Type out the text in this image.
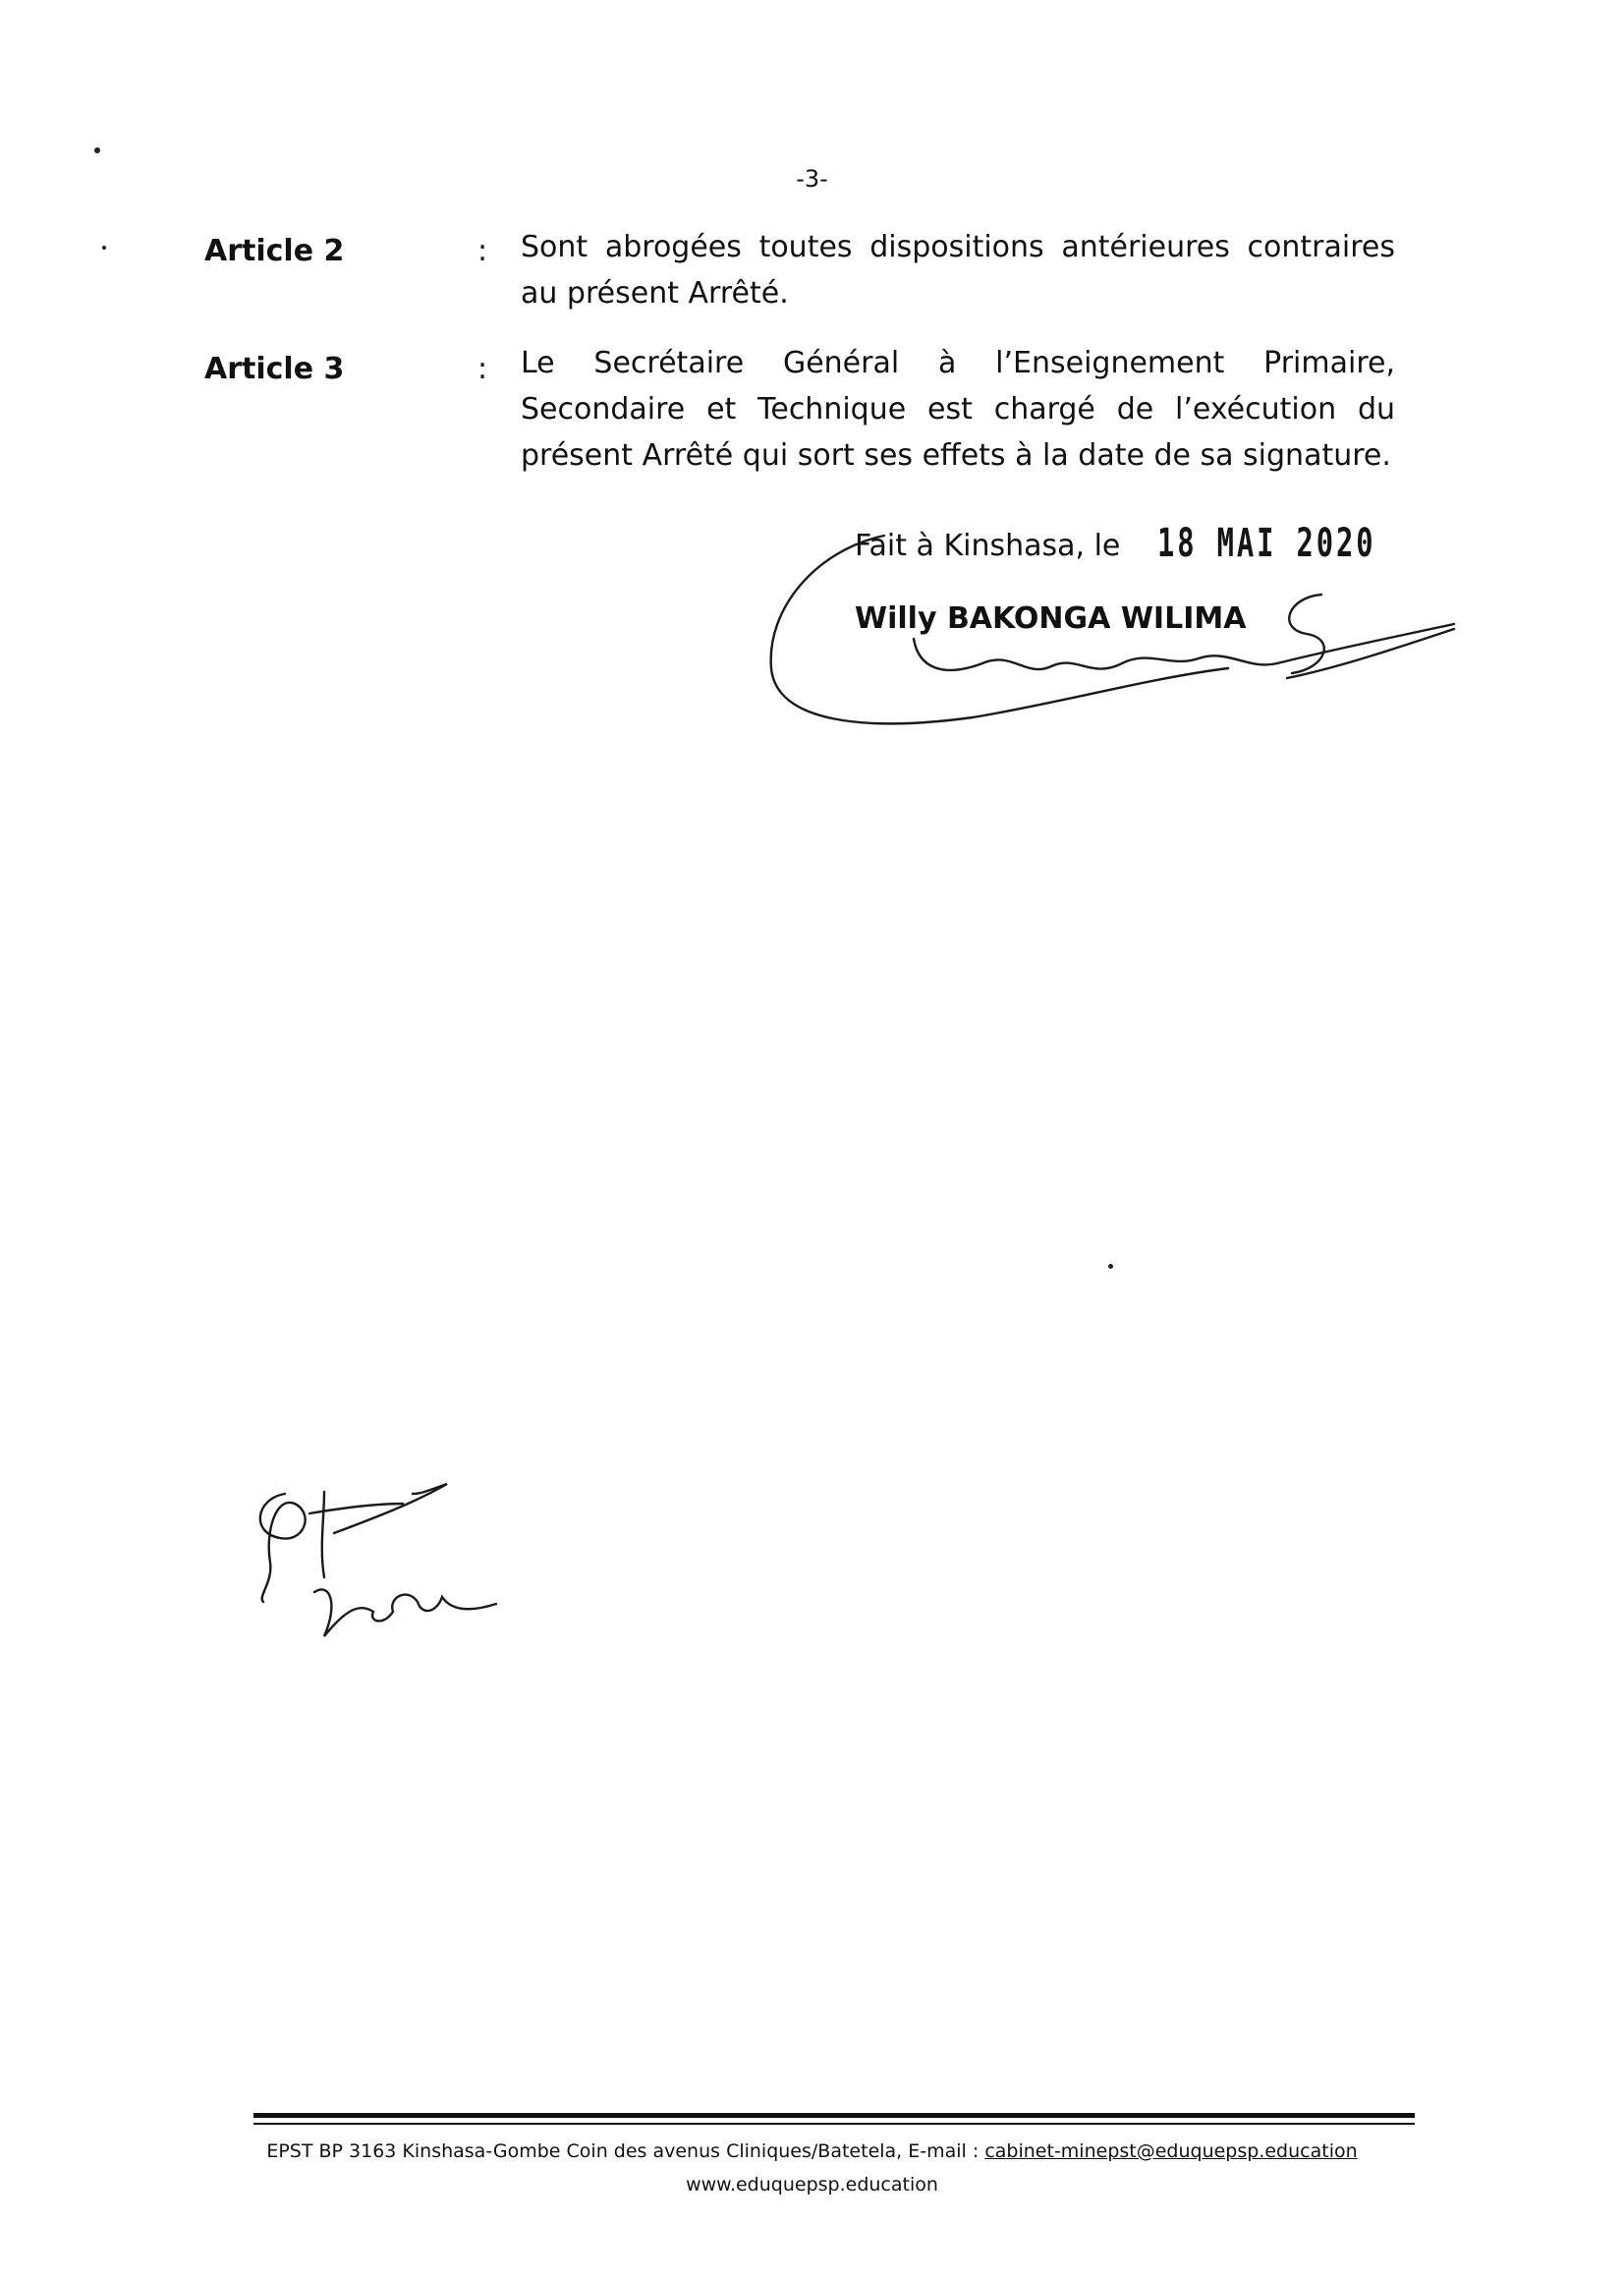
-3-
Article 2	: Sont abrogées toutes dispositions antérieures contraires au présent Arrêté.
Article 3	: Le Secrétaire Général à l’Enseignement Primaire, Secondaire et Technique est chargé de l’exécution du présent Arrêté qui sort ses effets à la date de sa signature.
Fait à Kinshasa, le 18 MAI 2020
Willy BAKONGA WILIMA
EPST BP 3163 Kinshasa-Gombe Coin des avenus Cliniques/Batetela, E-mail : cabinet-minepst@eduquepsp.education
www.eduquepsp.education
